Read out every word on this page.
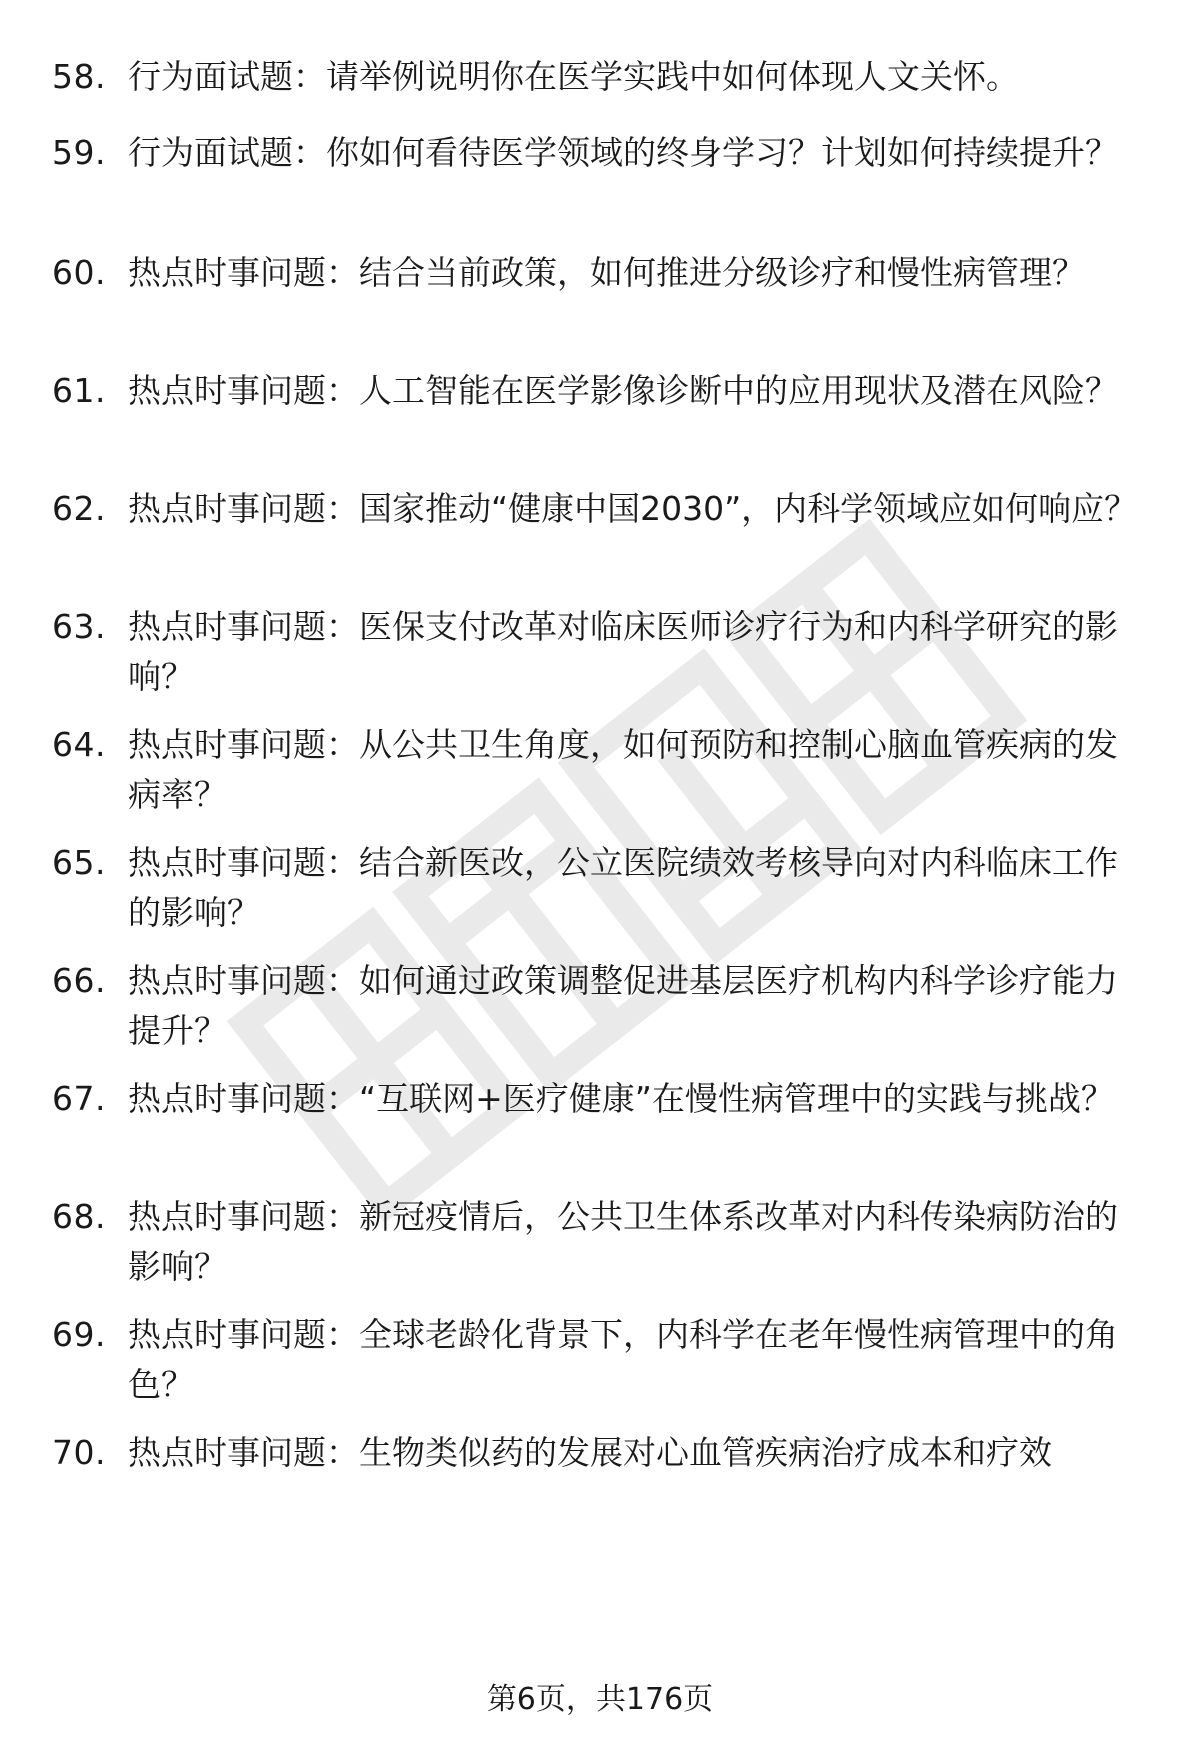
58. 行为面试题：请举例说明你在医学实践中如何体现人文关怀。
59. 行为面试题：你如何看待医学领域的终身学习？计划如何持续提升？
60. 热点时事问题：结合当前政策，如何推进分级诊疗和慢性病管理？
61. 热点时事问题：人工智能在医学影像诊断中的应用现状及潜在风险？
62. 热点时事问题：国家推动“健康中国2030”，内科学领域应如何响应？
63. 热点时事问题：医保支付改革对临床医师诊疗行为和内科学研究的影响？
64. 热点时事问题：从公共卫生角度，如何预防和控制心脑血管疾病的发病率？
65. 热点时事问题：结合新医改，公立医院绩效考核导向对内科临床工作的影响？
66. 热点时事问题：如何通过政策调整促进基层医疗机构内科学诊疗能力提升？
67. 热点时事问题：“互联网+医疗健康”在慢性病管理中的实践与挑战？
68. 热点时事问题：新冠疫情后，公共卫生体系改革对内科传染病防治的影响？
69. 热点时事问题：全球老龄化背景下，内科学在老年慢性病管理中的角色？
70. 热点时事问题：生物类似药的发展对心血管疾病治疗成本和疗效
第6页，共176页
